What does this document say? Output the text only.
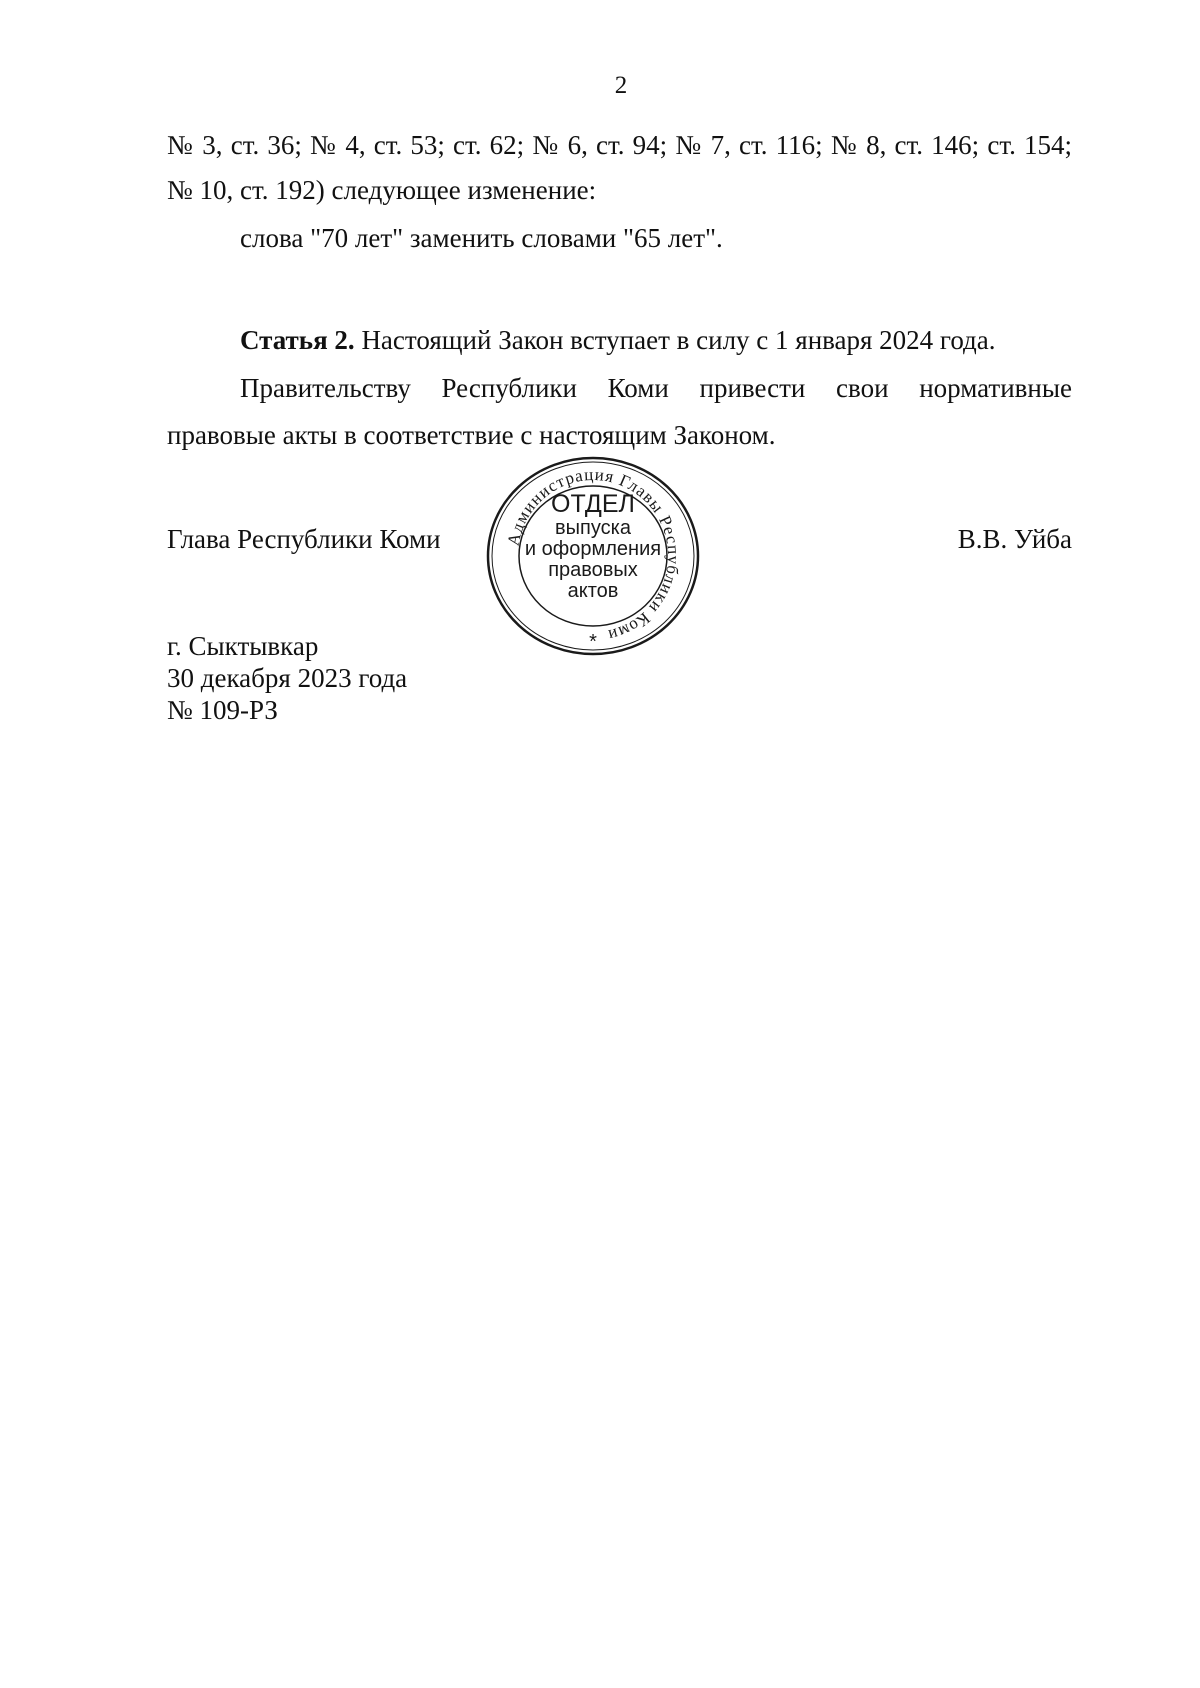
2
№ 3, ст. 36; № 4, ст. 53; ст. 62; № 6, ст. 94; № 7, ст. 116; № 8, ст. 146; ст. 154;
№ 10, ст. 192) следующее изменение:
слова "70 лет" заменить словами "65 лет".
Статья 2. Настоящий Закон вступает в силу с 1 января 2024 года.
Правительству Республики Коми привести свои нормативные
правовые акты в соответствие с настоящим Законом.
Глава Республики Коми	В.В. Уйба
г. Сыктывкар
30 декабря 2023 года
№ 109-РЗ
Администрация Главы Республики Коми
ОТДЕЛ
выпуска
и оформления
правовых
актов
*
